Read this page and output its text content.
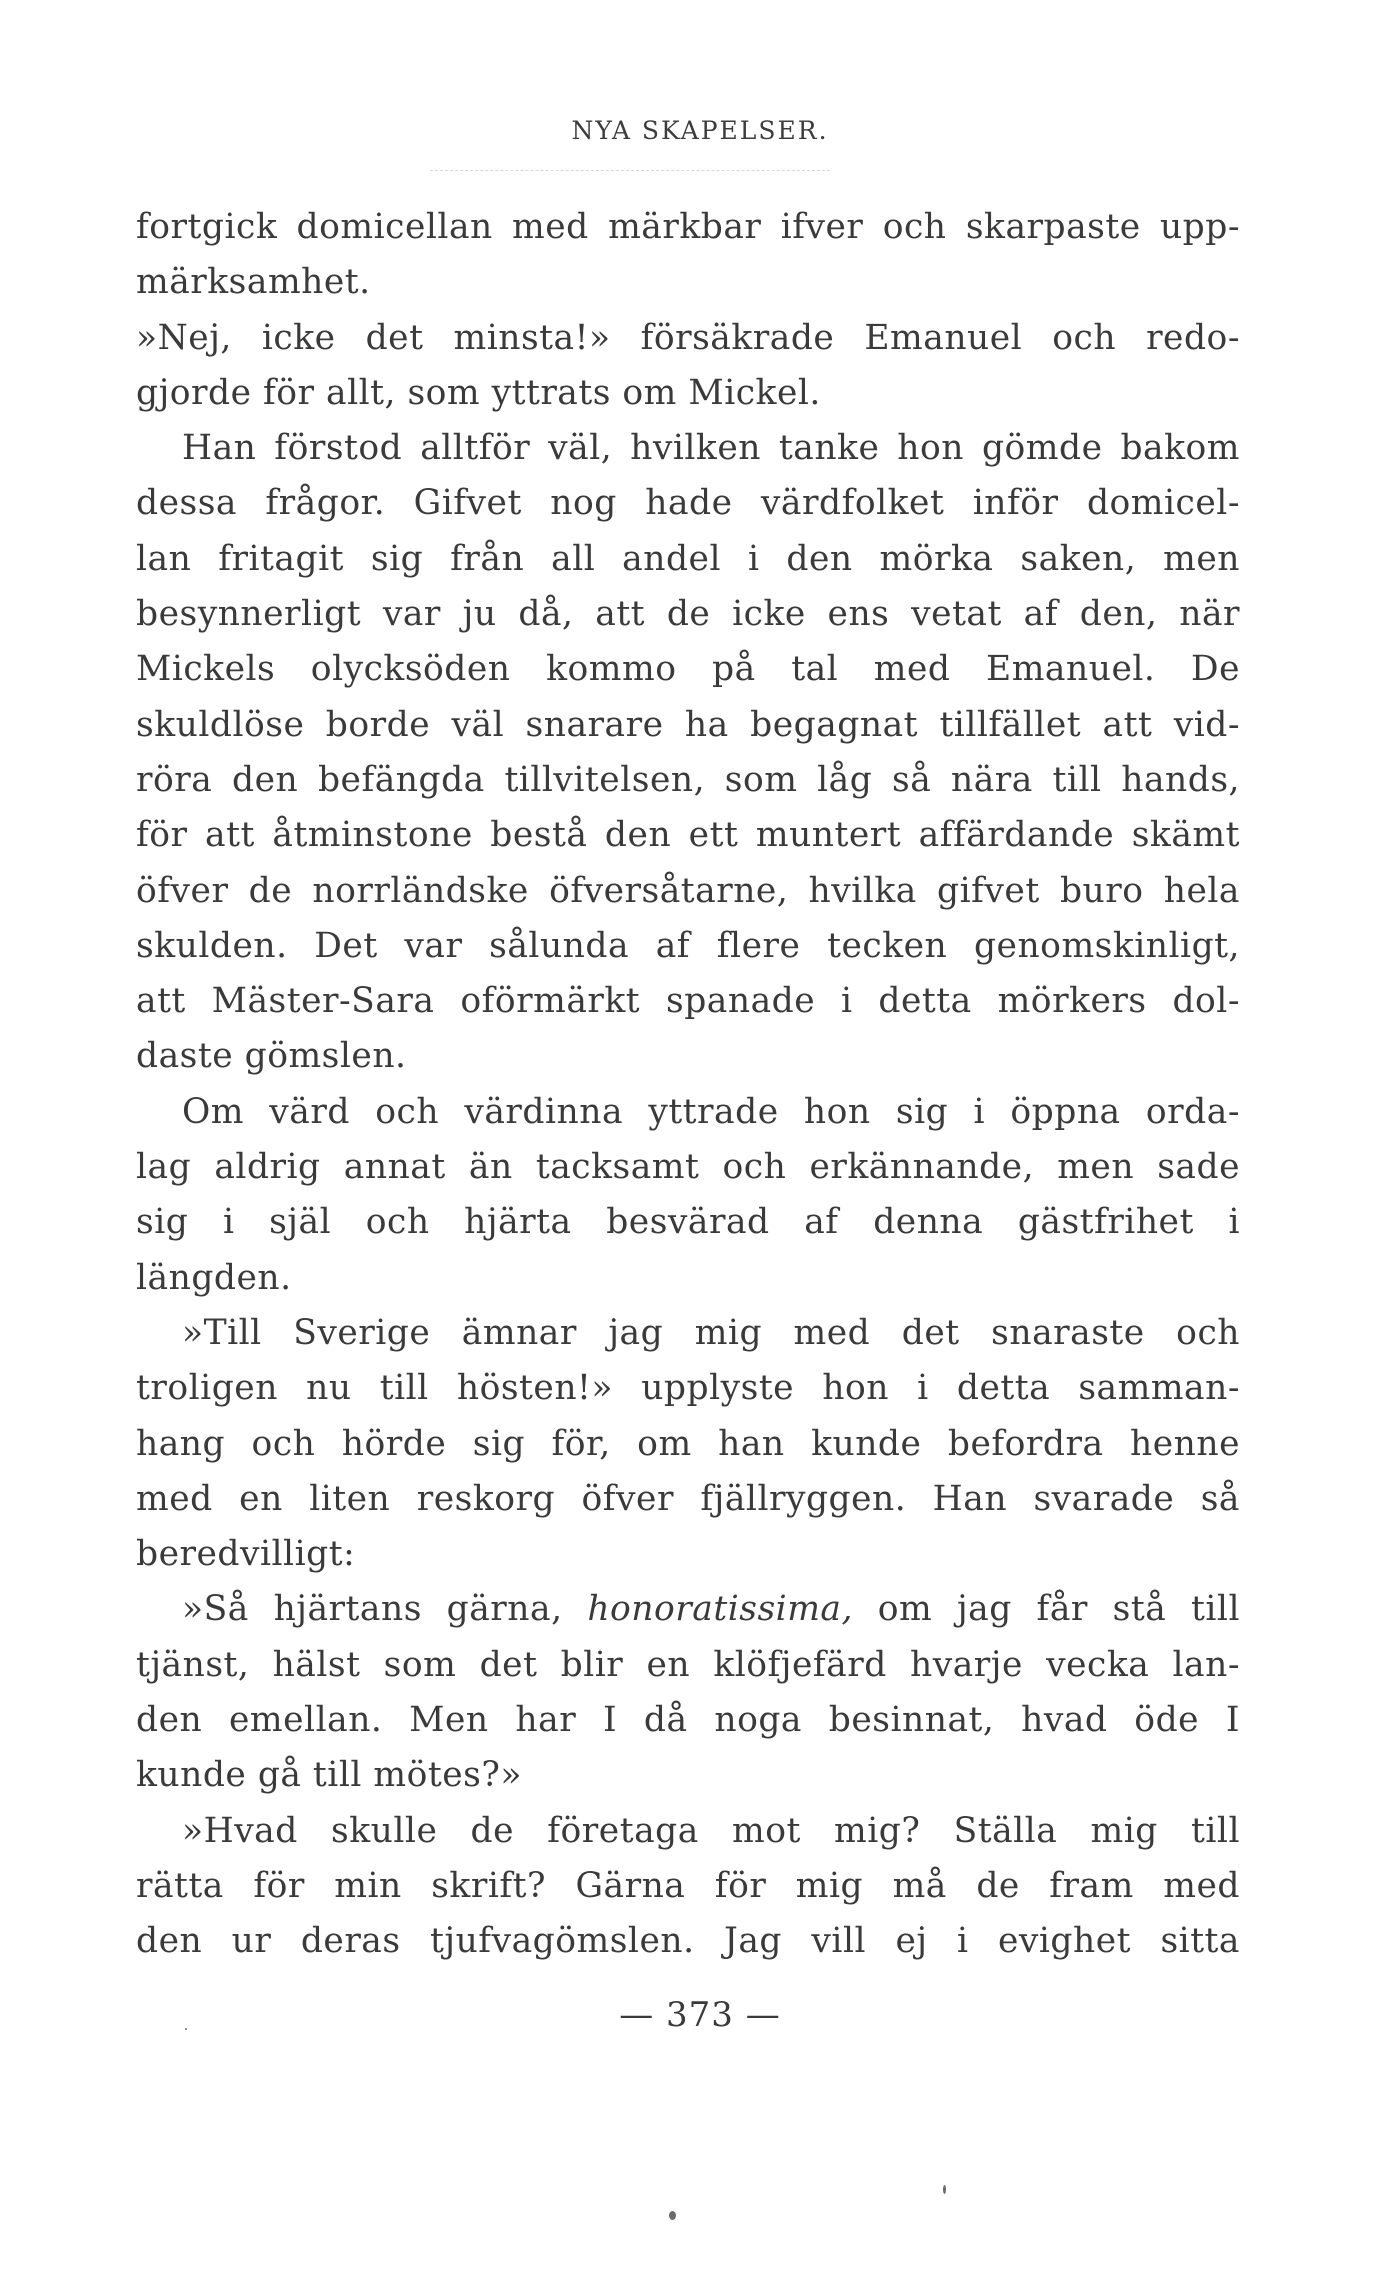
NYA SKAPELSER.
fortgick domicellan med märkbar ifver och skarpaste upp-
märksamhet.
»Nej, icke det minsta!» försäkrade Emanuel och redo-
gjorde för allt, som yttrats om Mickel.
Han förstod alltför väl, hvilken tanke hon gömde bakom
dessa frågor. Gifvet nog hade värdfolket inför domicel-
lan fritagit sig från all andel i den mörka saken, men
besynnerligt var ju då, att de icke ens vetat af den, när
Mickels olycksöden kommo på tal med Emanuel. De
skuldlöse borde väl snarare ha begagnat tillfället att vid-
röra den befängda tillvitelsen, som låg så nära till hands,
för att åtminstone bestå den ett muntert affärdande skämt
öfver de norrländske öfversåtarne, hvilka gifvet buro hela
skulden. Det var sålunda af flere tecken genomskinligt,
att Mäster-Sara oförmärkt spanade i detta mörkers dol-
daste gömslen.
Om värd och värdinna yttrade hon sig i öppna orda-
lag aldrig annat än tacksamt och erkännande, men sade
sig i själ och hjärta besvärad af denna gästfrihet i
längden.
»Till Sverige ämnar jag mig med det snaraste och
troligen nu till hösten!» upplyste hon i detta samman-
hang och hörde sig för, om han kunde befordra henne
med en liten reskorg öfver fjällryggen. Han svarade så
beredvilligt:
»Så hjärtans gärna, honoratissima, om jag får stå till
tjänst, hälst som det blir en klöfjefärd hvarje vecka lan-
den emellan. Men har I då noga besinnat, hvad öde I
kunde gå till mötes?»
»Hvad skulle de företaga mot mig? Ställa mig till
rätta för min skrift? Gärna för mig må de fram med
den ur deras tjufvagömslen. Jag vill ej i evighet sitta
— 373 —
